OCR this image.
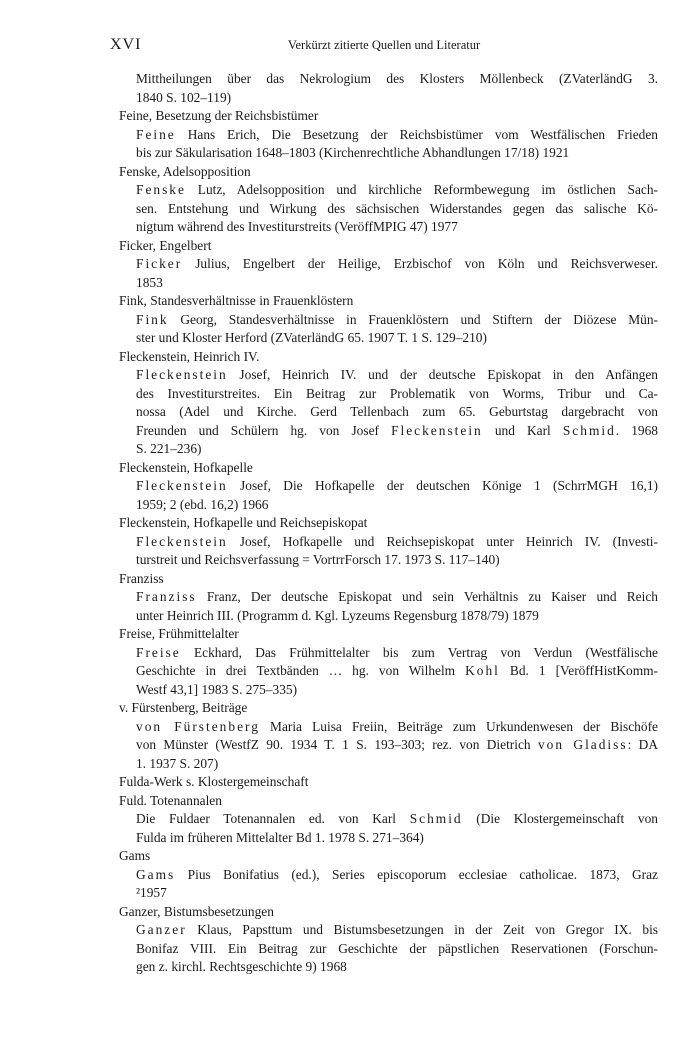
XVI	Verkürzt zitierte Quellen und Literatur
Mittheilungen über das Nekrologium des Klosters Möllenbeck (ZVaterländG 3.
1840 S. 102–119)
Feine, Besetzung der Reichsbistümer
Feine Hans Erich, Die Besetzung der Reichsbistümer vom Westfälischen Frieden
bis zur Säkularisation 1648–1803 (Kirchenrechtliche Abhandlungen 17/18) 1921
Fenske, Adelsopposition
Fenske Lutz, Adelsopposition und kirchliche Reformbewegung im östlichen Sach-
sen. Entstehung und Wirkung des sächsischen Widerstandes gegen das salische Kö-
nigtum während des Investiturstreits (VeröffMPIG 47) 1977
Ficker, Engelbert
Ficker Julius, Engelbert der Heilige, Erzbischof von Köln und Reichsverweser.
1853
Fink, Standesverhältnisse in Frauenklöstern
Fink Georg, Standesverhältnisse in Frauenklöstern und Stiftern der Diözese Mün-
ster und Kloster Herford (ZVaterländG 65. 1907 T. 1 S. 129–210)
Fleckenstein, Heinrich IV.
Fleckenstein Josef, Heinrich IV. und der deutsche Episkopat in den Anfängen
des Investiturstreites. Ein Beitrag zur Problematik von Worms, Tribur und Ca-
nossa (Adel und Kirche. Gerd Tellenbach zum 65. Geburtstag dargebracht von
Freunden und Schülern hg. von Josef Fleckenstein und Karl Schmid. 1968
S. 221–236)
Fleckenstein, Hofkapelle
Fleckenstein Josef, Die Hofkapelle der deutschen Könige 1 (SchrrMGH 16,1)
1959; 2 (ebd. 16,2) 1966
Fleckenstein, Hofkapelle und Reichsepiskopat
Fleckenstein Josef, Hofkapelle und Reichsepiskopat unter Heinrich IV. (Investi-
turstreit und Reichsverfassung = VortrrForsch 17. 1973 S. 117–140)
Franziss
Franziss Franz, Der deutsche Episkopat und sein Verhältnis zu Kaiser und Reich
unter Heinrich III. (Programm d. Kgl. Lyzeums Regensburg 1878/79) 1879
Freise, Frühmittelalter
Freise Eckhard, Das Frühmittelalter bis zum Vertrag von Verdun (Westfälische
Geschichte in drei Textbänden … hg. von Wilhelm Kohl Bd. 1 [VeröffHistKomm-
Westf 43,1] 1983 S. 275–335)
v. Fürstenberg, Beiträge
von Fürstenberg Maria Luisa Freiin, Beiträge zum Urkundenwesen der Bischöfe
von Münster (WestfZ 90. 1934 T. 1 S. 193–303; rez. von Dietrich von Gladiss: DA
1. 1937 S. 207)
Fulda-Werk s. Klostergemeinschaft
Fuld. Totenannalen
Die Fuldaer Totenannalen ed. von Karl Schmid (Die Klostergemeinschaft von
Fulda im früheren Mittelalter Bd 1. 1978 S. 271–364)
Gams
Gams Pius Bonifatius (ed.), Series episcoporum ecclesiae catholicae. 1873, Graz
²1957
Ganzer, Bistumsbesetzungen
Ganzer Klaus, Papsttum und Bistumsbesetzungen in der Zeit von Gregor IX. bis
Bonifaz VIII. Ein Beitrag zur Geschichte der päpstlichen Reservationen (Forschun-
gen z. kirchl. Rechtsgeschichte 9) 1968
